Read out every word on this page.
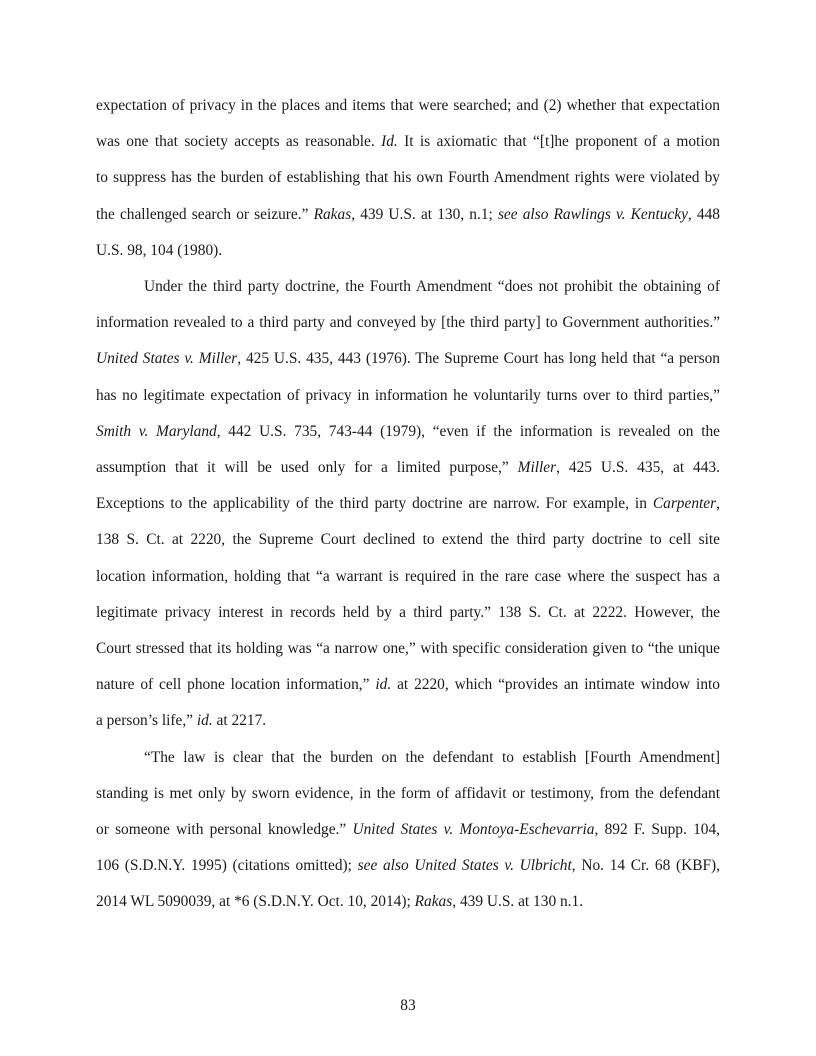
expectation of privacy in the places and items that were searched; and (2) whether that expectation

was one that society accepts as reasonable. Id. It is axiomatic that “[t]he proponent of a motion

to suppress has the burden of establishing that his own Fourth Amendment rights were violated by

the challenged search or seizure.” Rakas, 439 U.S. at 130, n.1; see also Rawlings v. Kentucky, 448

U.S. 98, 104 (1980).

Under the third party doctrine, the Fourth Amendment “does not prohibit the obtaining of

information revealed to a third party and conveyed by [the third party] to Government authorities.”

United States v. Miller, 425 U.S. 435, 443 (1976). The Supreme Court has long held that “a person

has no legitimate expectation of privacy in information he voluntarily turns over to third parties,”

Smith v. Maryland, 442 U.S. 735, 743-44 (1979), “even if the information is revealed on the

assumption that it will be used only for a limited purpose,” Miller, 425 U.S. 435, at 443.

Exceptions to the applicability of the third party doctrine are narrow. For example, in Carpenter,

138 S. Ct. at 2220, the Supreme Court declined to extend the third party doctrine to cell site

location information, holding that “a warrant is required in the rare case where the suspect has a

legitimate privacy interest in records held by a third party.” 138 S. Ct. at 2222. However, the

Court stressed that its holding was “a narrow one,” with specific consideration given to “the unique

nature of cell phone location information,” id. at 2220, which “provides an intimate window into

a person’s life,” id. at 2217.

“The law is clear that the burden on the defendant to establish [Fourth Amendment]

standing is met only by sworn evidence, in the form of affidavit or testimony, from the defendant

or someone with personal knowledge.” United States v. Montoya-Eschevarria, 892 F. Supp. 104,

106 (S.D.N.Y. 1995) (citations omitted); see also United States v. Ulbricht, No. 14 Cr. 68 (KBF),

2014 WL 5090039, at *6 (S.D.N.Y. Oct. 10, 2014); Rakas, 439 U.S. at 130 n.1.

83
